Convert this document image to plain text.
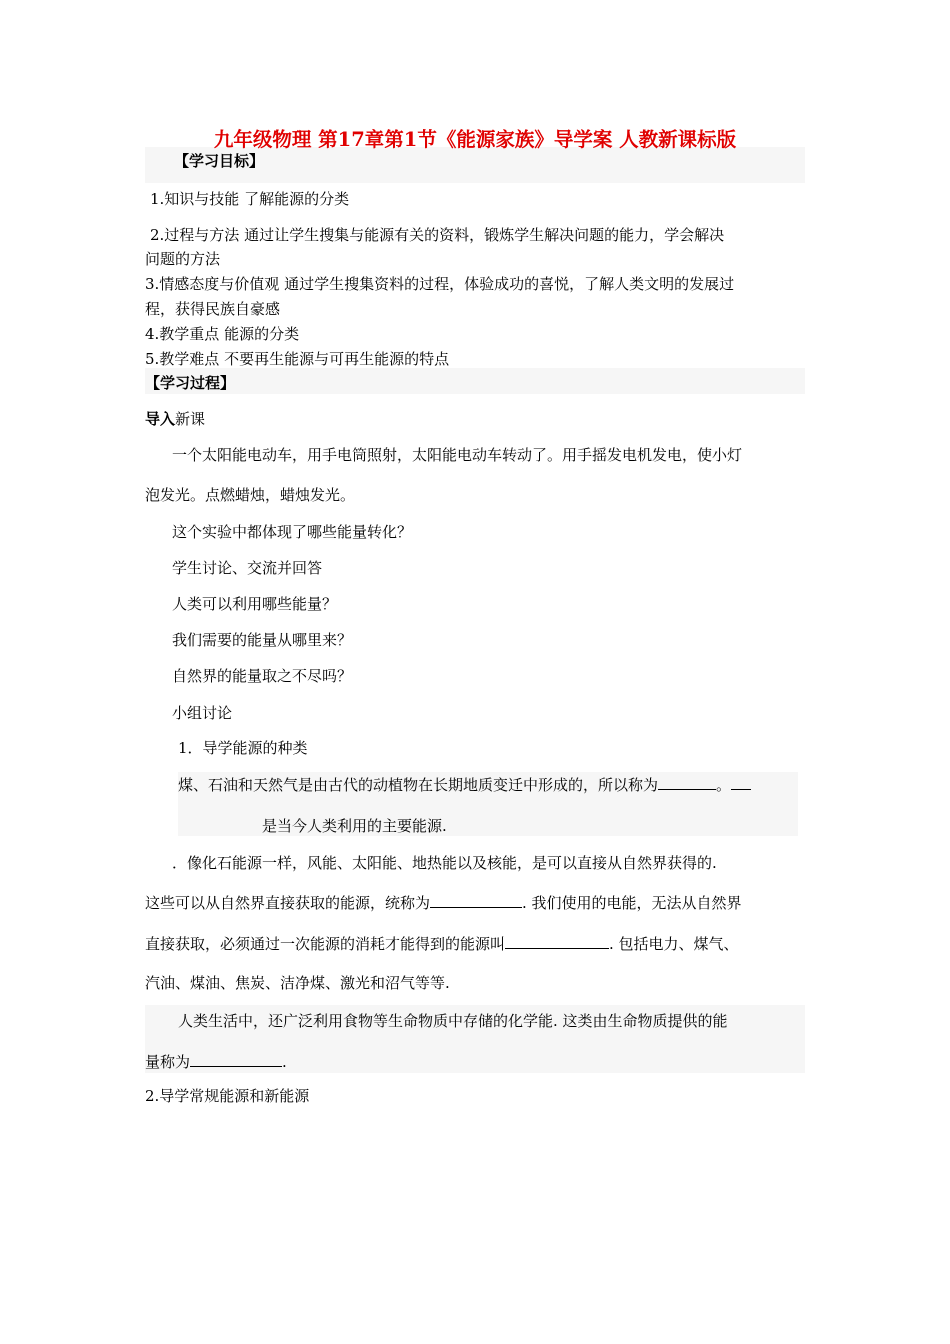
九年级物理 第17章第1节《能源家族》导学案 人教新课标版
【学习目标】
1.知识与技能 了解能源的分类
2.过程与方法 通过让学生搜集与能源有关的资料，锻炼学生解决问题的能力，学会解决
问题的方法
3.情感态度与价值观 通过学生搜集资料的过程，体验成功的喜悦，了解人类文明的发展过
程，获得民族自豪感
4.教学重点 能源的分类
5.教学难点 不要再生能源与可再生能源的特点
【学习过程】
导入新课
一个太阳能电动车，用手电筒照射，太阳能电动车转动了。用手摇发电机发电，使小灯
泡发光。点燃蜡烛，蜡烛发光。
这个实验中都体现了哪些能量转化？
学生讨论、交流并回答
人类可以利用哪些能量？
我们需要的能量从哪里来？
自然界的能量取之不尽吗？
小组讨论
1．导学能源的种类
煤、石油和天然气是由古代的动植物在长期地质变迁中形成的，所以称为	。
是当今人类利用的主要能源.
．像化石能源一样，风能、太阳能、地热能以及核能，是可以直接从自然界获得的.
这些可以从自然界直接获取的能源，统称为	. 我们使用的电能，无法从自然界
直接获取，必须通过一次能源的消耗才能得到的能源叫	. 包括电力、煤气、
汽油、煤油、焦炭、洁净煤、激光和沼气等等.
人类生活中，还广泛利用食物等生命物质中存储的化学能. 这类由生命物质提供的能
量称为	.
2.导学常规能源和新能源
